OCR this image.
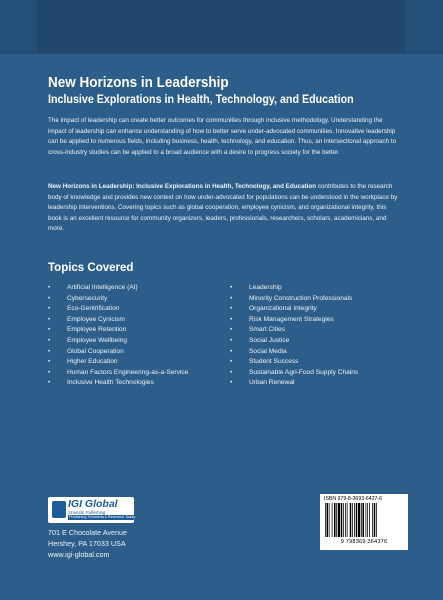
New Horizons in Leadership
Inclusive Explorations in Health, Technology, and Education
The impact of leadership can create better outcomes for communities through inclusive methodology. Understanding the impact of leadership can enhance understanding of how to better serve under-advocated communities. Innovative leadership can be applied to numerous fields, including business, health, technology, and education. Thus, an intersectional approach to cross-industry studies can be applied to a broad audience with a desire to progress society for the better.
New Horizons in Leadership: Inclusive Explorations in Health, Technology, and Education contributes to the research body of knowledge and provides new context on how under-advocated for populations can be understood in the workplace by leadership interventions. Covering topics such as global cooperation, employee cynicism, and organizational integrity, this book is an excellent resource for community organizers, leaders, professionals, researchers, scholars, academicians, and more.
Topics Covered
•	Artificial Intelligence (AI)
•	Cybersecurity
•	Eco-Gentrification
•	Employee Cynicism
•	Employee Retention
•	Employee Wellbeing
•	Global Cooperation
•	Higher Education
•	Human Factors Engineering-as-a-Service
•	Inclusive Health Technologies
•	Leadership
•	Minority Construction Professionals
•	Organizational Integrity
•	Risk Management Strategies
•	Smart Cities
•	Social Justice
•	Social Media
•	Student Success
•	Sustainable Agri-Food Supply Chains
•	Urban Renewal
IGI Global
Scientific Publishing
Publishing Tomorrow's Research Today
701 E Chocolate Avenue
Hershey, PA 17033 USA
www.igi-global.com
ISBN 979-8-3693-6437-6
9 798369 364376
